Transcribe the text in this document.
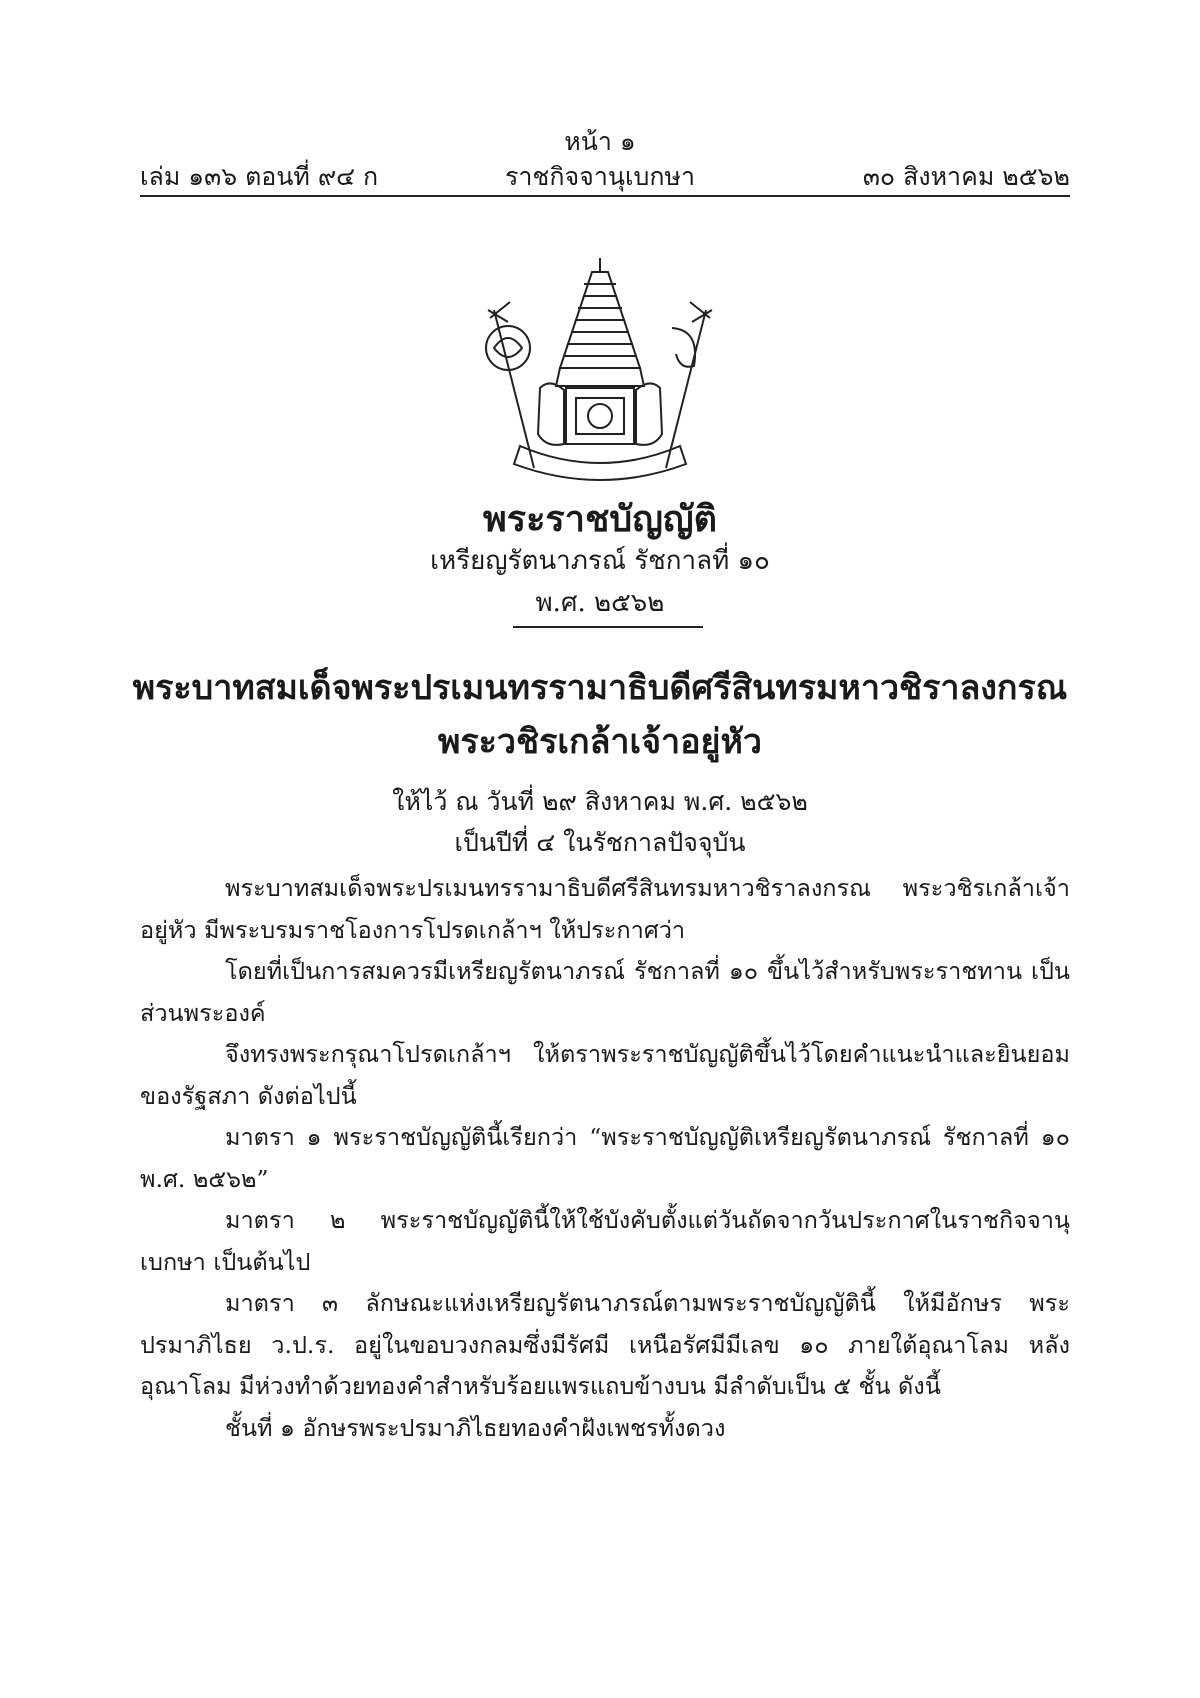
หน้า ๑
เล่ม ๑๓๖ ตอนที่ ๙๔ ก	ราชกิจจานุเบกษา	๓๐ สิงหาคม ๒๕๖๒
พระราชบัญญัติ
เหรียญรัตนาภรณ์ รัชกาลที่ ๑๐
พ.ศ. ๒๕๖๒
พระบาทสมเด็จพระปรเมนทรรามาธิบดีศรีสินทรมหาวชิราลงกรณ
พระวชิรเกล้าเจ้าอยู่หัว
ให้ไว้ ณ วันที่ ๒๙ สิงหาคม พ.ศ. ๒๕๖๒
เป็นปีที่ ๔ ในรัชกาลปัจจุบัน

พระบาทสมเด็จพระปรเมนทรรามาธิบดีศรีสินทรมหาวชิราลงกรณ พระวชิรเกล้าเจ้าอยู่หัว มีพระบรมราชโองการโปรดเกล้าฯ ให้ประกาศว่า

โดยที่เป็นการสมควรมีเหรียญรัตนาภรณ์ รัชกาลที่ ๑๐ ขึ้นไว้สำหรับพระราชทาน เป็นส่วนพระองค์

จึงทรงพระกรุณาโปรดเกล้าฯ ให้ตราพระราชบัญญัติขึ้นไว้โดยคำแนะนำและยินยอม ของรัฐสภา ดังต่อไปนี้

มาตรา ๑ พระราชบัญญัตินี้เรียกว่า “พระราชบัญญัติเหรียญรัตนาภรณ์ รัชกาลที่ ๑๐ พ.ศ. ๒๕๖๒”

มาตรา ๒ พระราชบัญญัตินี้ให้ใช้บังคับตั้งแต่วันถัดจากวันประกาศในราชกิจจานุเบกษา เป็นต้นไป

มาตรา ๓ ลักษณะแห่งเหรียญรัตนาภรณ์ตามพระราชบัญญัตินี้ ให้มีอักษร พระปรมาภิไธย ว.ป.ร. อยู่ในขอบวงกลมซึ่งมีรัศมี เหนือรัศมีมีเลข ๑๐ ภายใต้อุณาโลม หลังอุณาโลม มีห่วงทำด้วยทองคำสำหรับร้อยแพรแถบข้างบน มีลำดับเป็น ๕ ชั้น ดังนี้

ชั้นที่ ๑ อักษรพระปรมาภิไธยทองคำฝังเพชรทั้งดวง
